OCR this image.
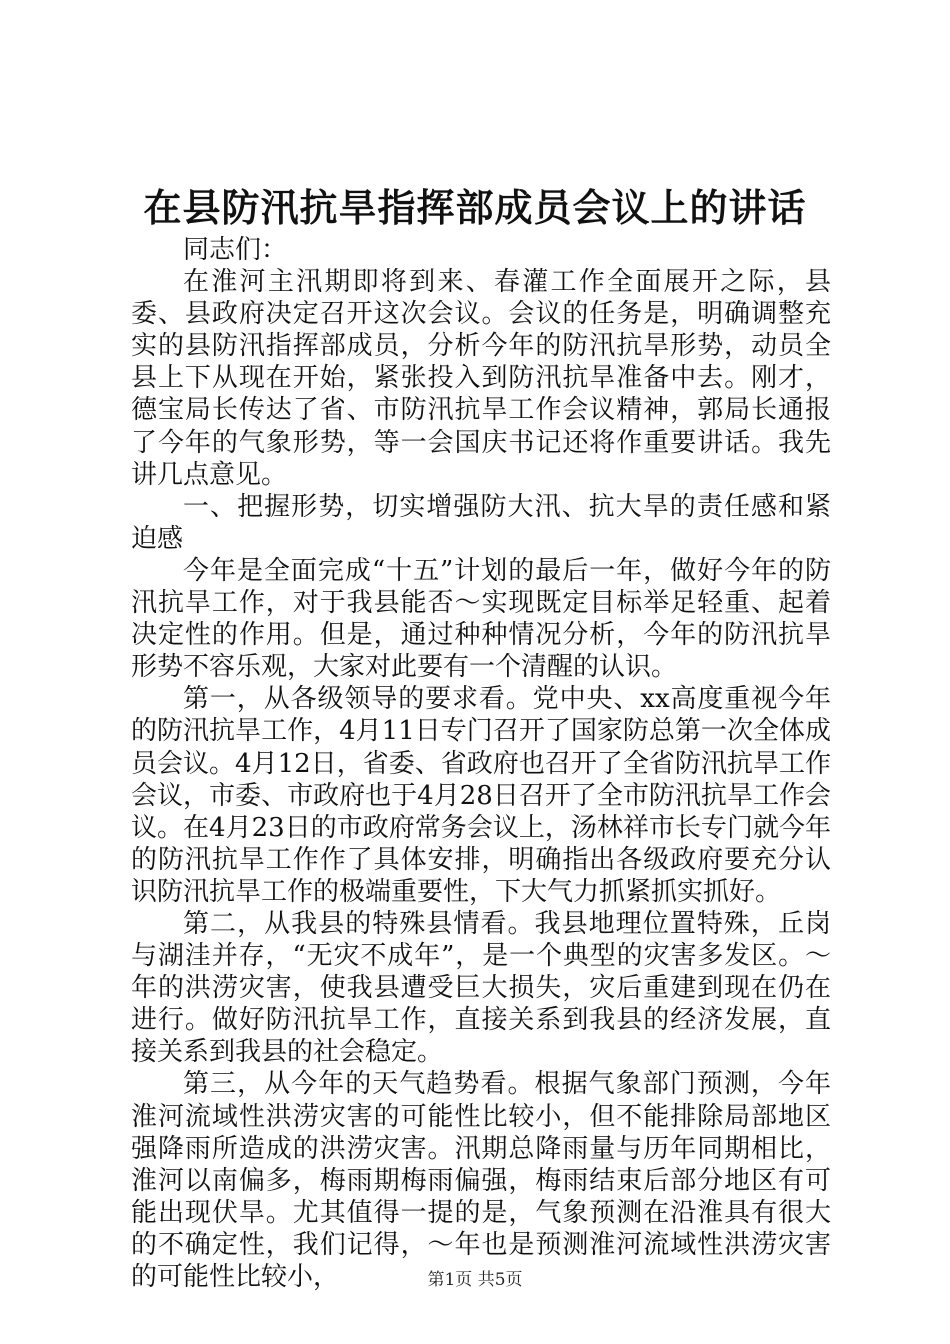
在县防汛抗旱指挥部成员会议上的讲话

同志们：

在淮河主汛期即将到来、春灌工作全面展开之际，县委、县政府决定召开这次会议。会议的任务是，明确调整充实的县防汛指挥部成员，分析今年的防汛抗旱形势，动员全县上下从现在开始，紧张投入到防汛抗旱准备中去。刚才，德宝局长传达了省、市防汛抗旱工作会议精神，郭局长通报了今年的气象形势，等一会国庆书记还将作重要讲话。我先讲几点意见。

一、把握形势，切实增强防大汛、抗大旱的责任感和紧迫感

今年是全面完成“十五”计划的最后一年，做好今年的防汛抗旱工作，对于我县能否～实现既定目标举足轻重、起着决定性的作用。但是，通过种种情况分析，今年的防汛抗旱形势不容乐观，大家对此要有一个清醒的认识。

第一，从各级领导的要求看。党中央、xx高度重视今年的防汛抗旱工作，4月11日专门召开了国家防总第一次全体成员会议。4月12日，省委、省政府也召开了全省防汛抗旱工作会议，市委、市政府也于4月28日召开了全市防汛抗旱工作会议。在4月23日的市政府常务会议上，汤林祥市长专门就今年的防汛抗旱工作作了具体安排，明确指出各级政府要充分认识防汛抗旱工作的极端重要性，下大气力抓紧抓实抓好。

第二，从我县的特殊县情看。我县地理位置特殊，丘岗与湖洼并存，“无灾不成年”，是一个典型的灾害多发区。～年的洪涝灾害，使我县遭受巨大损失，灾后重建到现在仍在进行。做好防汛抗旱工作，直接关系到我县的经济发展，直接关系到我县的社会稳定。

第三，从今年的天气趋势看。根据气象部门预测，今年淮河流域性洪涝灾害的可能性比较小，但不能排除局部地区强降雨所造成的洪涝灾害。汛期总降雨量与历年同期相比，淮河以南偏多，梅雨期梅雨偏强，梅雨结束后部分地区有可能出现伏旱。尤其值得一提的是，气象预测在沿淮具有很大的不确定性，我们记得，～年也是预测淮河流域性洪涝灾害的可能性比较小，	第1页 共5页
